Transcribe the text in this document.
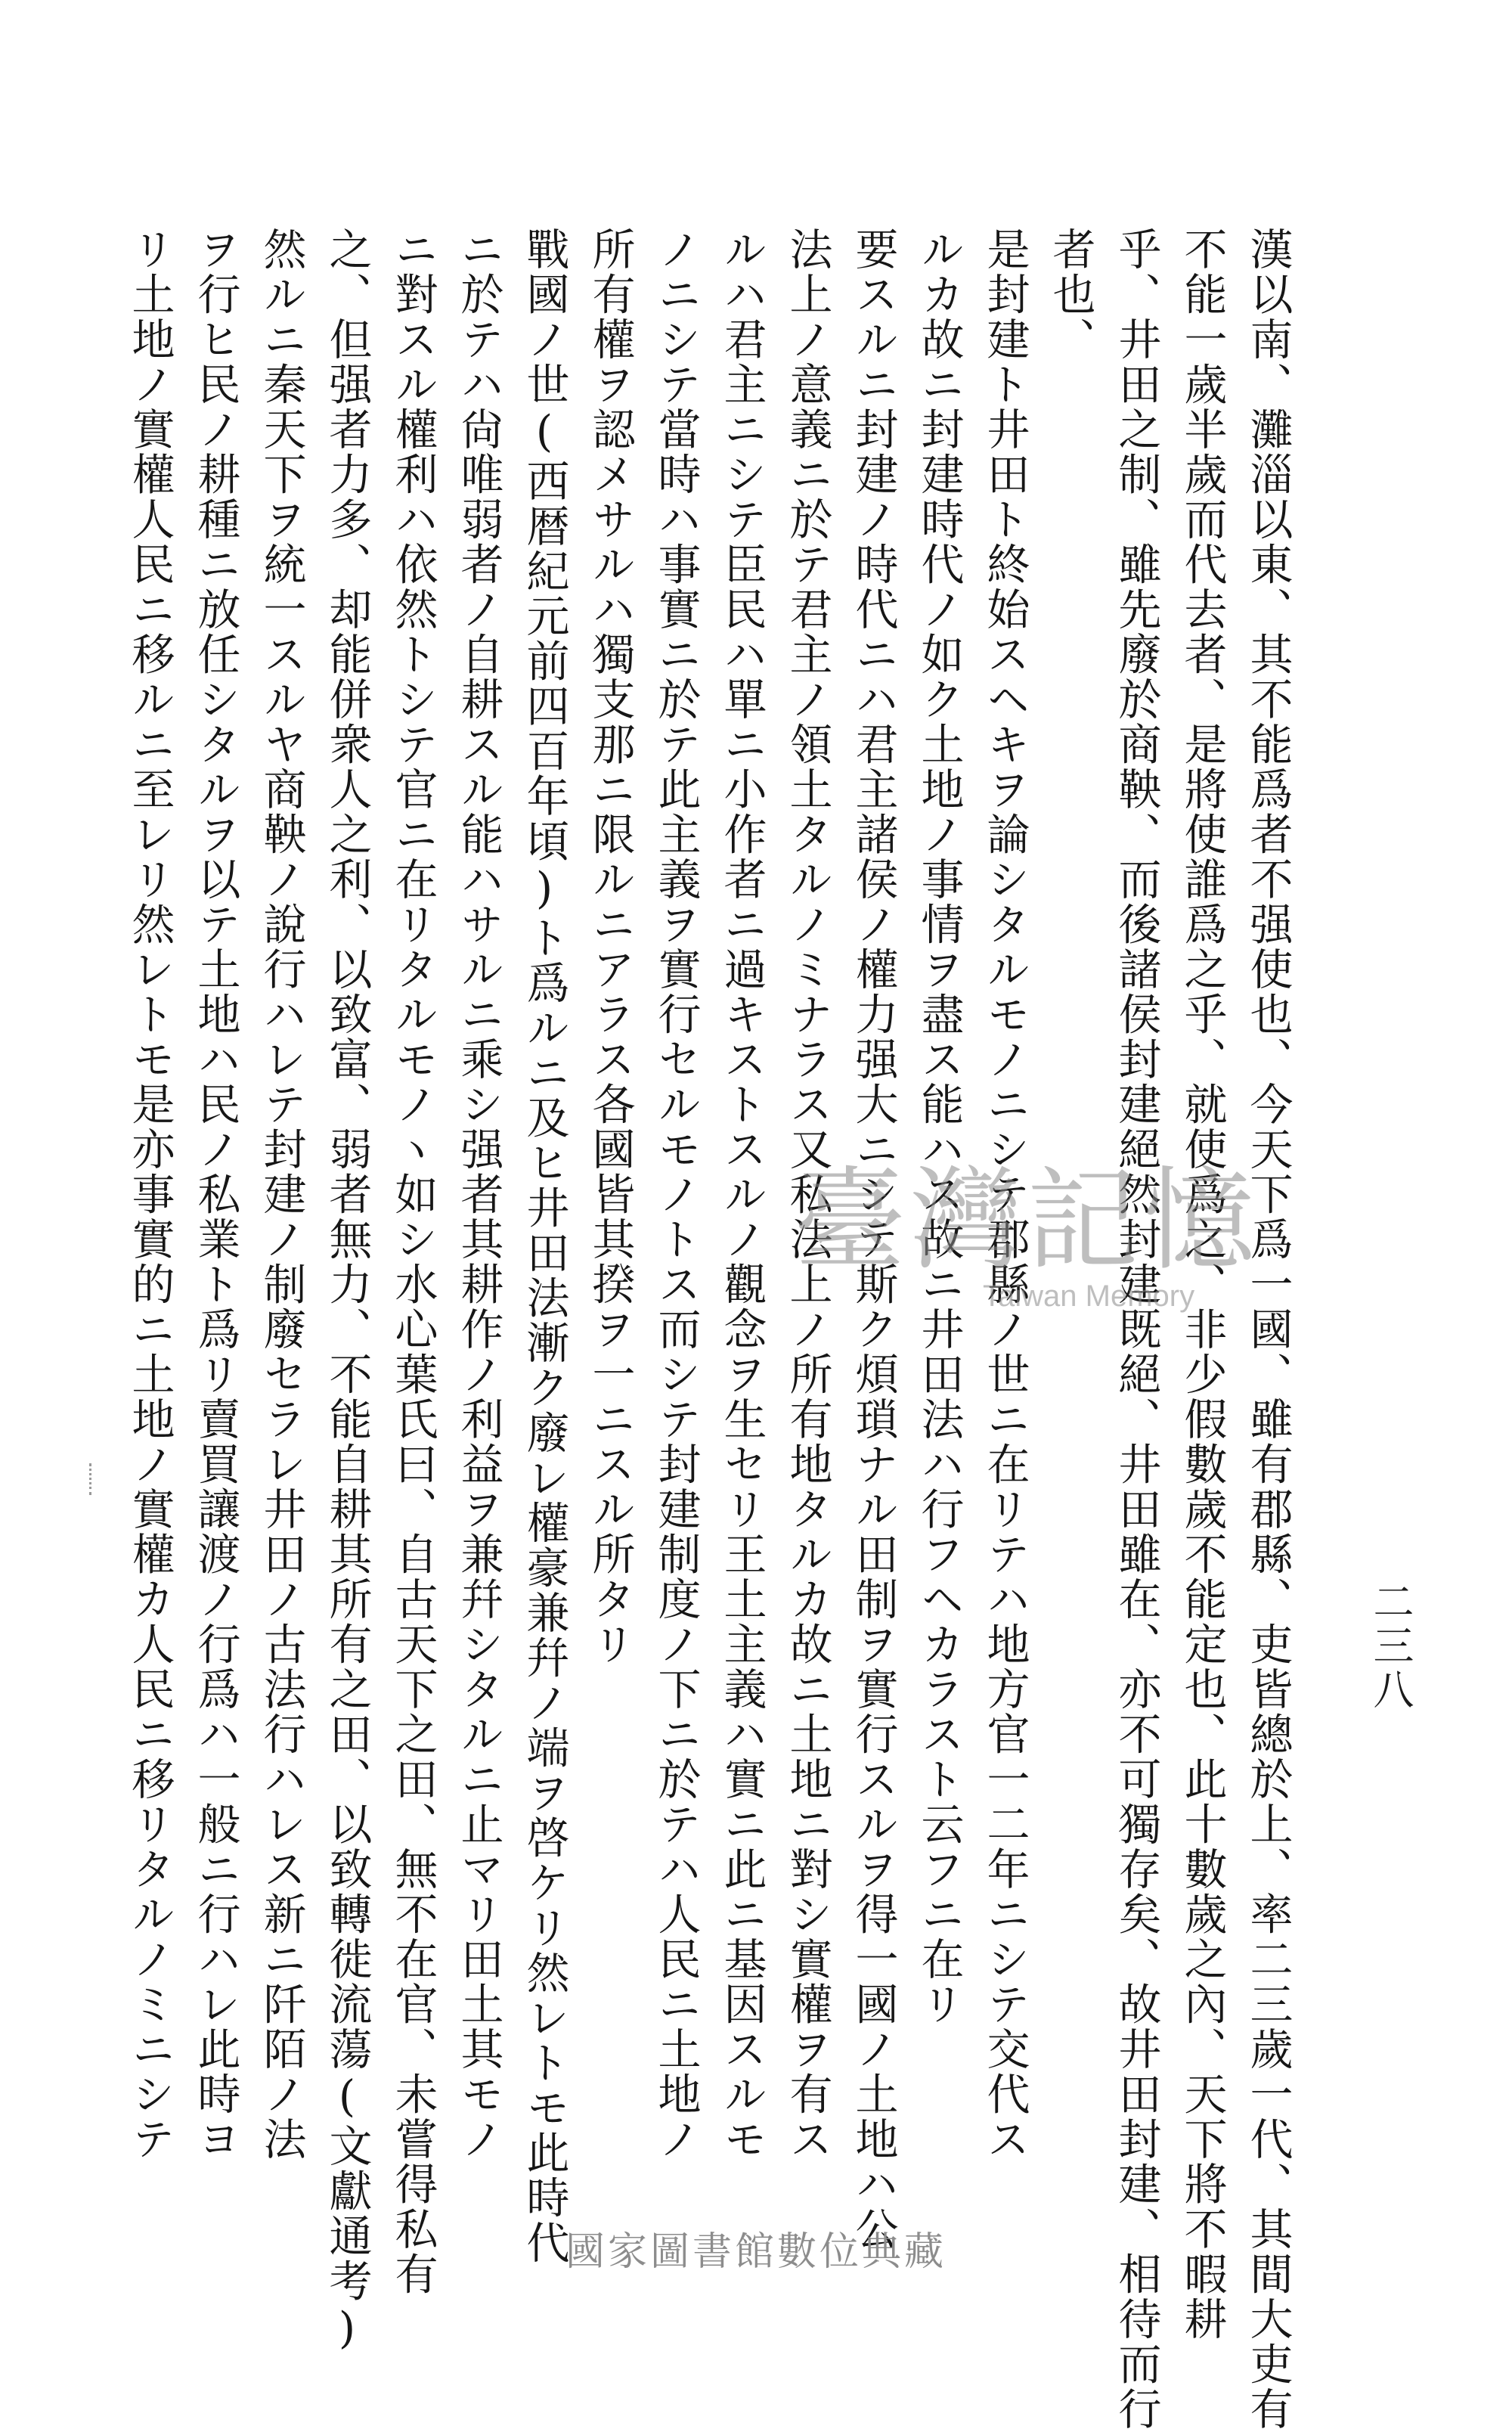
二三八
漢以南、灘淄以東、其不能爲者不强使也、今天下爲一國、雖有郡縣、吏皆總於上、率二三歲一代、其間大吏有
不能一歲半歲而代去者、是將使誰爲之乎、就使爲之、非少假數歲不能定也、此十數歲之內、天下將不暇耕
乎、井田之制、雖先廢於商鞅、而後諸侯封建絕然封建既絕、井田雖在、亦不可獨存矣、故井田封建、相待而行
者也、
是封建ト井田ト終始スヘキヲ論シタルモノニシテ郡縣ノ世ニ在リテハ地方官一二年ニシテ交代ス
ルカ故ニ封建時代ノ如ク土地ノ事情ヲ盡ス能ハス故ニ井田法ハ行フヘカラスト云フニ在リ
要スルニ封建ノ時代ニハ君主諸侯ノ權力强大ニシテ斯ク煩瑣ナル田制ヲ實行スルヲ得一國ノ土地ハ公
法上ノ意義ニ於テ君主ノ領土タルノミナラス又私法上ノ所有地タルカ故ニ土地ニ對シ實權ヲ有ス
ルハ君主ニシテ臣民ハ單ニ小作者ニ過キストスルノ觀念ヲ生セリ王土主義ハ實ニ此ニ基因スルモ
ノニシテ當時ハ事實ニ於テ此主義ヲ實行セルモノトス而シテ封建制度ノ下ニ於テハ人民ニ土地ノ
所有權ヲ認メサルハ獨支那ニ限ルニアラス各國皆其揆ヲ一ニスル所タリ
戰國ノ世(西暦紀元前四百年頃)ト爲ルニ及ヒ井田法漸ク廢レ權豪兼幷ノ端ヲ啓ケリ然レトモ此時代
ニ於テハ尙唯弱者ノ自耕スル能ハサルニ乘シ强者其耕作ノ利益ヲ兼幷シタルニ止マリ田土其モノ
ニ對スル權利ハ依然トシテ官ニ在リタルモノヽ如シ水心葉氏曰、自古天下之田、無不在官、未嘗得私有
之、但强者力多、却能併衆人之利、以致富、弱者無力、不能自耕其所有之田、以致轉徙流蕩(文獻通考)
然ルニ秦天下ヲ統一スルヤ商鞅ノ說行ハレテ封建ノ制廢セラレ井田ノ古法行ハレス新ニ阡陌ノ法
ヲ行ヒ民ノ耕種ニ放任シタルヲ以テ土地ハ民ノ私業ト爲リ賣買讓渡ノ行爲ハ一般ニ行ハレ此時ヨ
リ土地ノ實權人民ニ移ルニ至レリ然レトモ是亦事實的ニ土地ノ實權カ人民ニ移リタルノミニシテ	臺灣記憶
Taiwan Memory
國家圖書館數位典藏
